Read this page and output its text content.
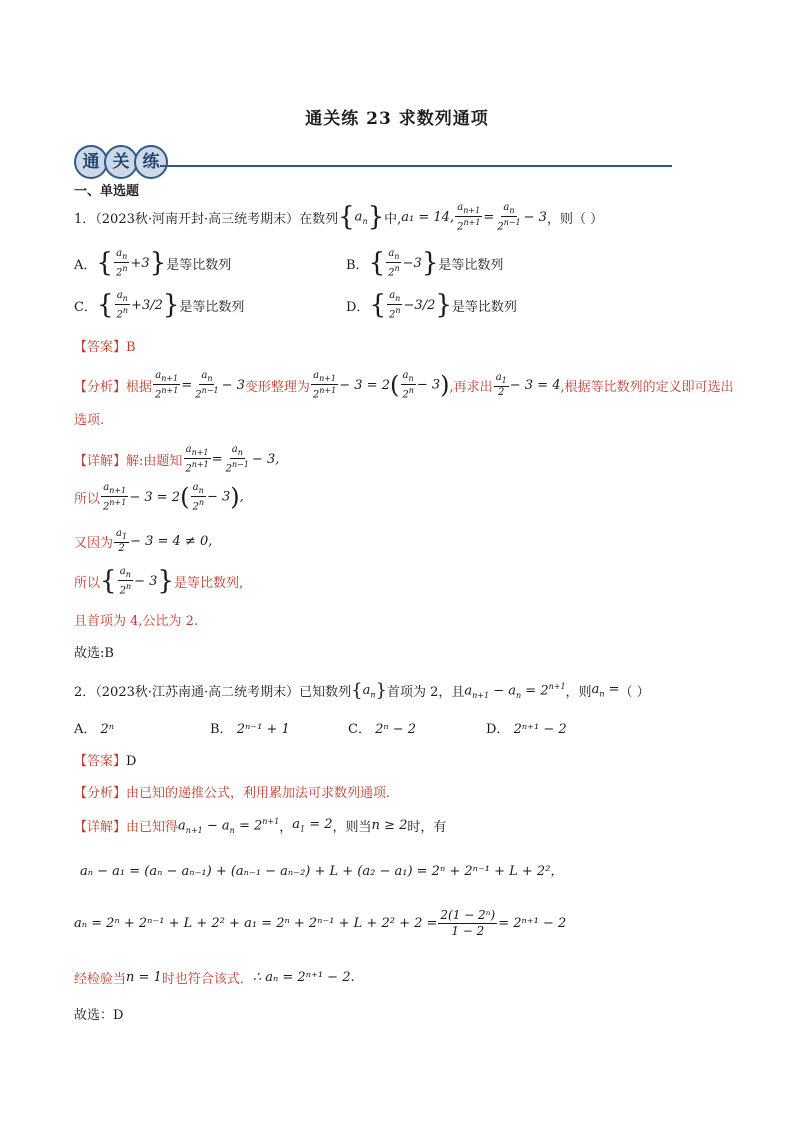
通关练 23 求数列通项
通 关 练
一、单选题
1．（2023秋·河南开封·高三统考期末）在数列 $\{a_n\}$ 中, a₁ = 14 , $\frac{a_{n+1}}{2^{n+1}} = \frac{a_n}{2^{n-1}} - 3$ ，则（ ）
A． { $\frac{a_n}{2^n} + 3$ } 是等比数列	B． { $\frac{a_n}{2^n} - 3$ } 是等比数列
C． { $\frac{a_n}{2^n} + 3/2$ } 是等比数列	D． { $\frac{a_n}{2^n} - 3/2$ } 是等比数列
【答案】B
【分析】 根据 $\frac{a_{n+1}}{2^{n+1}} = \frac{a_n}{2^{n-1}} - 3$ 变形整理为 $\frac{a_{n+1}}{2^{n+1}} - 3 = 2$ ( $\frac{a_n}{2^n} - 3$) ,再求出 $\frac{a_1}{2} - 3 = 4$ ,根据等比数列的定义即可选出
选项.
【详解】 解:由题知 $\frac{a_{n+1}}{2^{n+1}} = \frac{a_n}{2^{n-1}} - 3$,
所以 $\frac{a_{n+1}}{2^{n+1}} - 3 = 2$ ( $\frac{a_n}{2^n} - 3$),
又因为 $\frac{a_1}{2} - 3 = 4 \ne 0$,
所以 { $\frac{a_n}{2^n} - 3$ } 是等比数列,
且首项为 4,公比为 2.
故选:B
2．（2023秋·江苏南通·高二统考期末）已知数列 $\{a_n\}$ 首项为 2，且 $a_{n+1} - a_n = 2^{n+1}$ ，则 $a_n$ = （ ）
A． 2ⁿ	B． 2ⁿ⁻¹ + 1	C． 2ⁿ − 2	D． 2ⁿ⁺¹ − 2
【答案】D
【分析】由已知的递推公式，利用累加法可求数列通项.
【详解】 由已知得 $a_{n+1} - a_n = 2^{n+1}$ ， $a_1 = 2$ ，则当 n ≥ 2 时，有
aₙ − a₁ = (aₙ − aₙ₋₁) + (aₙ₋₁ − aₙ₋₂) + L + (a₂ − a₁) = 2ⁿ + 2ⁿ⁻¹ + L + 2²，
$a_n = 2^n + 2^{n-1} + L + 2^2 + a_1 = 2^n + 2^{n-1} + L + 2^2 + 2 = \frac{\text{2(1 − 2ⁿ)}}{1 - 2} = 2^{n+1} - 2$
经检验当 n = 1 时也符合该式． ∴ aₙ = 2ⁿ⁺¹ − 2.
故选：D
